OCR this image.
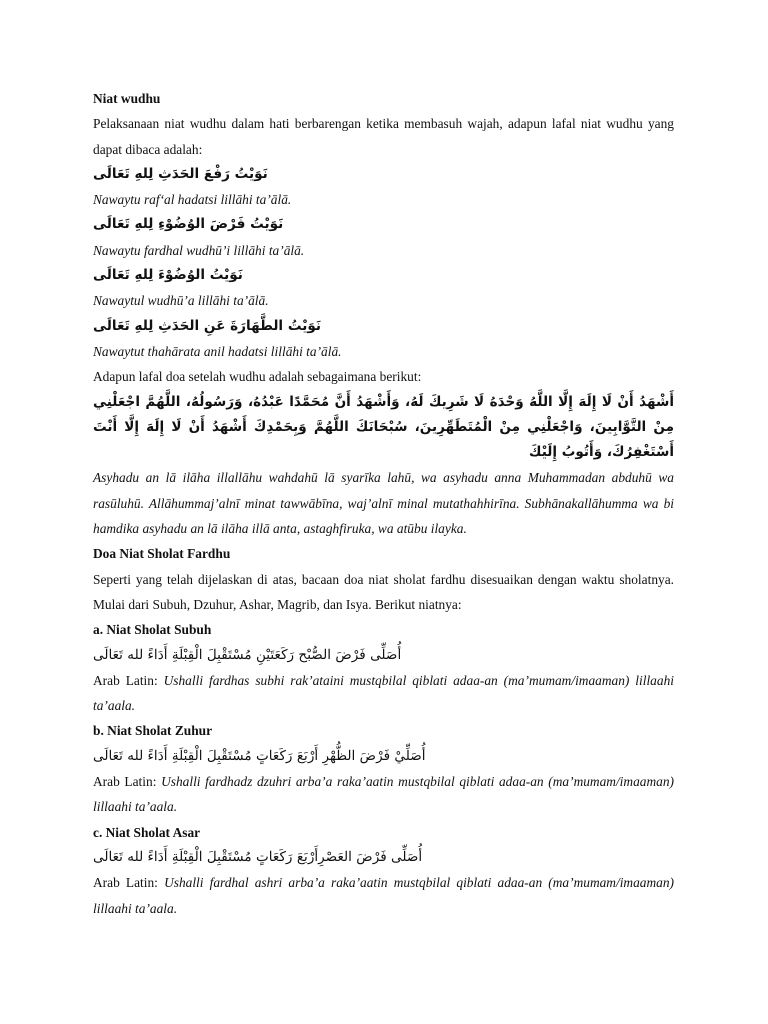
Niat wudhu

Pelaksanaan niat wudhu dalam hati berbarengan ketika membasuh wajah, adapun lafal niat wudhu yang dapat dibaca adalah:

نَوَيْتُ رَفْعَ الحَدَثِ لِلهِ تَعَالَى

Nawaytu raf‘al hadatsi lillāhi ta’ālā.

نَوَيْتُ فَرْضَ الوُضُوْءِ لِلهِ تَعَالَى

Nawaytu fardhal wudhū’i lillāhi ta’ālā.

نَوَيْتُ الوُضُوْءَ لِلهِ تَعَالَى

Nawaytul wudhū’a lillāhi ta’ālā.

نَوَيْتُ الطَّهَارَةَ عَنِ الحَدَثِ لِلهِ تَعَالَى

Nawaytut thahārata anil hadatsi lillāhi ta’ālā.

Adapun lafal doa setelah wudhu adalah sebagaimana berikut:

أَشْهَدُ أَنْ لَا إِلَهَ إِلَّا اللَّهُ وَحْدَهُ لَا شَرِيكَ لَهُ، وَأَشْهَدُ أَنَّ مُحَمَّدًا عَبْدُهُ، وَرَسُولُهُ، اللَّهُمَّ اجْعَلْنِي مِنْ التَّوَّابِينَ، وَاجْعَلْنِي مِنْ الْمُتَطَهِّرِينَ، سُبْحَانَكَ اللَّهُمَّ وَبِحَمْدِكَ أَشْهَدُ أَنْ لَا إِلَهَ إِلَّا أَنْتَ أَسْتَغْفِرُكَ، وَأَتُوبُ إِلَيْكَ

Asyhadu an lā ilāha illallāhu wahdahū lā syarīka lahū, wa asyhadu anna Muhammadan abduhū wa rasūluhū. Allāhummaj’alnī minat tawwābīna, waj’alnī minal mutathahhirīna. Subhānakallāhumma wa bi hamdika asyhadu an lā ilāha illā anta, astaghfiruka, wa atūbu ilayka.

Doa Niat Sholat Fardhu

Seperti yang telah dijelaskan di atas, bacaan doa niat sholat fardhu disesuaikan dengan waktu sholatnya. Mulai dari Subuh, Dzuhur, Ashar, Magrib, dan Isya. Berikut niatnya:

a. Niat Sholat Subuh

أُصَلِّى فَرْضَ الصُّبْح رَكَعَتَيْنِ مُسْتَقْبِلَ الْقِبْلَةِ أَدَاءً لله تَعَالَى

Arab Latin: Ushalli fardhas subhi rak’ataini mustqbilal qiblati adaa-an (ma’mumam/imaaman) lillaahi ta’aala.

b. Niat Sholat Zuhur

أُصَلِّيْ فَرْضَ الظُّهْرِ أَرْبَعَ رَكَعَاتٍ مُسْتَقْبِلَ الْقِبْلَةِ أَدَاءً لله تَعَالَى

Arab Latin: Ushalli fardhadz dzuhri arba’a raka’aatin mustqbilal qiblati adaa-an (ma’mumam/imaaman) lillaahi ta’aala.

c. Niat Sholat Asar

أُصَلِّى فَرْضَ العَصْرِأَرْبَعَ رَكَعَاتٍ مُسْتَقْبِلَ الْقِبْلَةِ أَدَاءً لله تَعَالَى

Arab Latin: Ushalli fardhal ashri arba’a raka’aatin mustqbilal qiblati adaa-an (ma’mumam/imaaman) lillaahi ta’aala.
